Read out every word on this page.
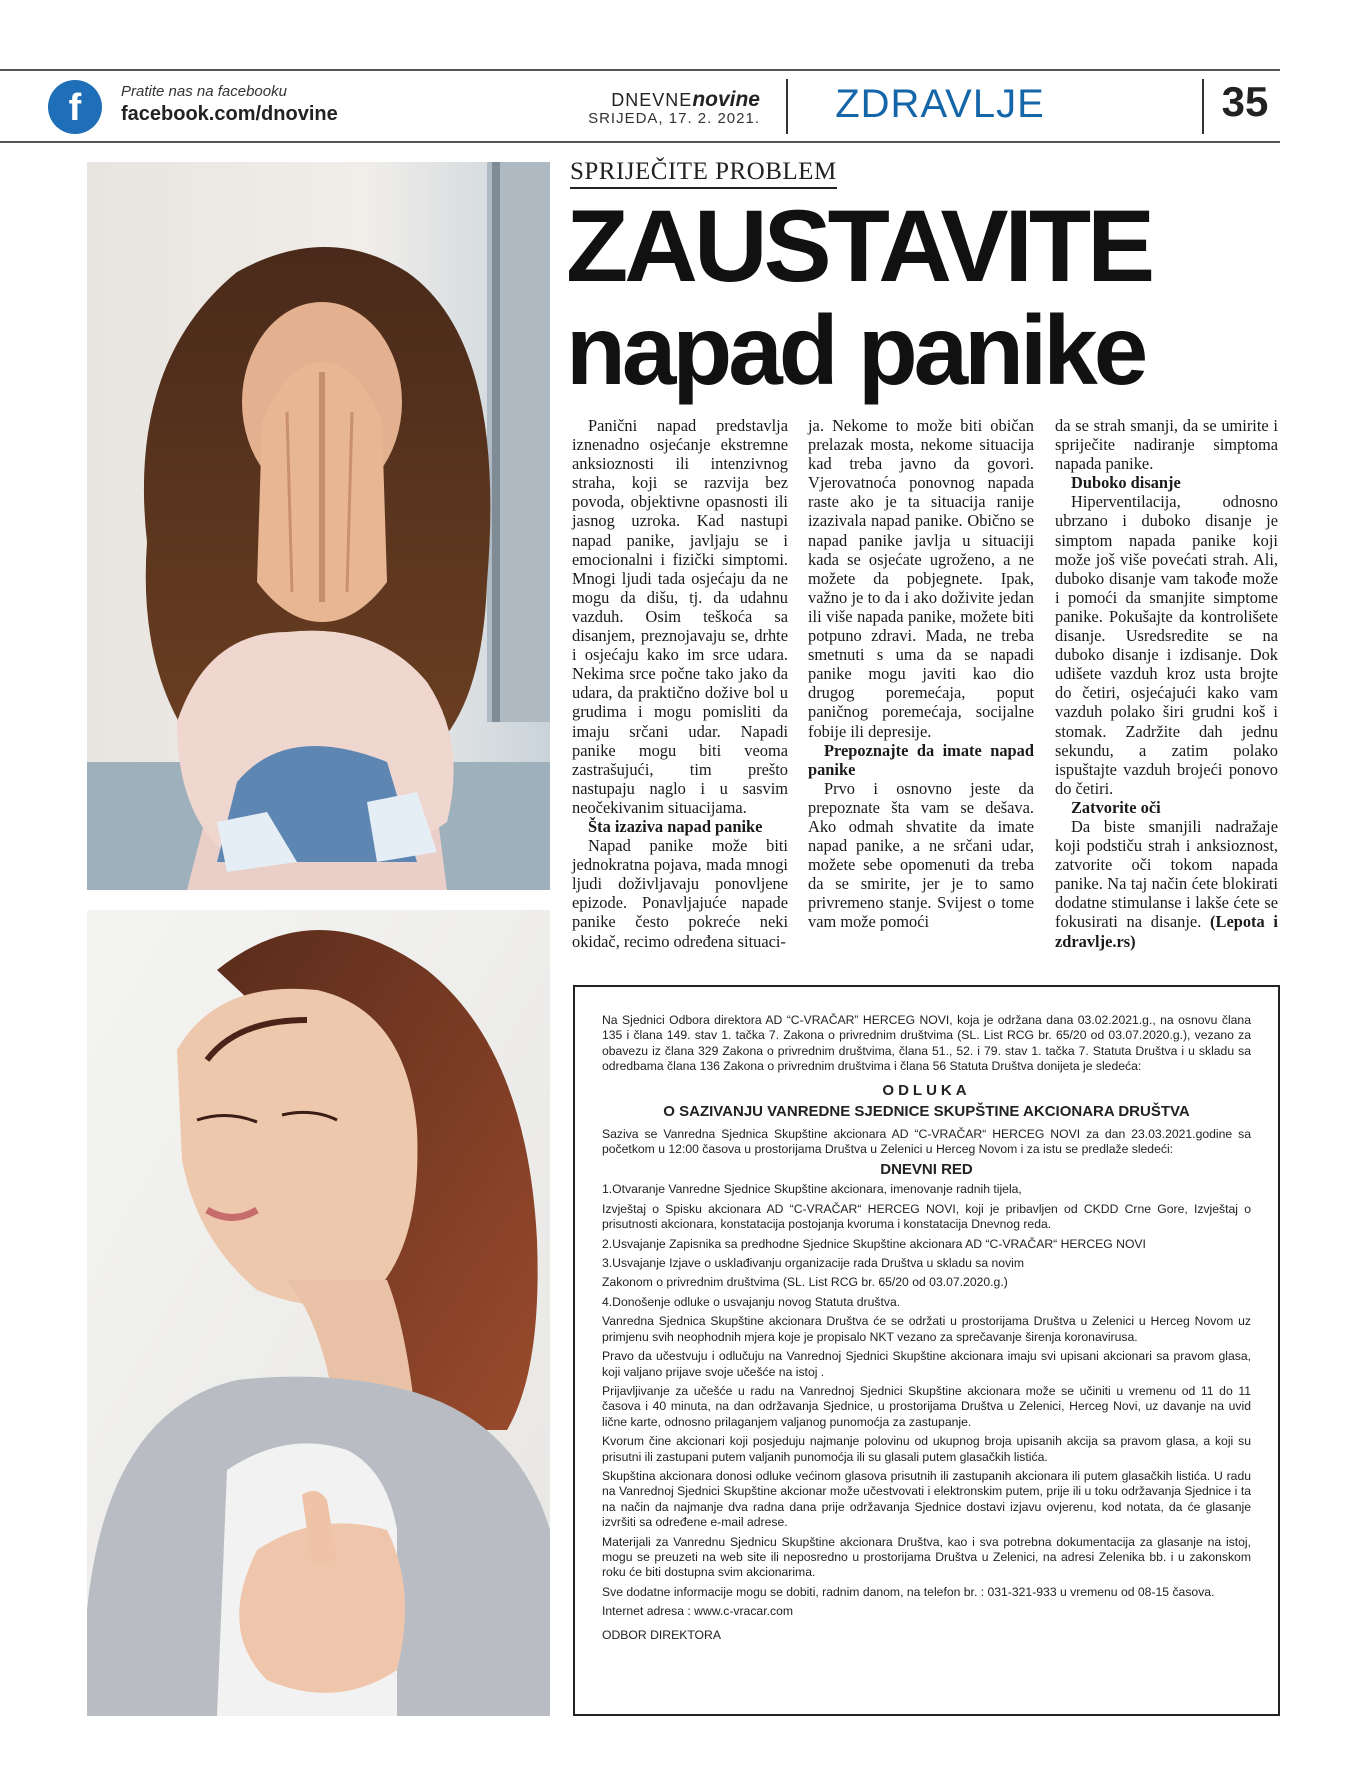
f	Pratite nas na facebooku
facebook.com/dnovine
DNEVNEnovine
SRIJEDA, 17. 2. 2021.	ZDRAVLJE	35
SPRIJEČITE PROBLEM
ZAUSTAVITE
napad panike

Panični napad predstavlja iznenadno osjećanje ekstremne anksioznosti ili intenzivnog straha, koji se razvija bez povoda, objektivne opasnosti ili jasnog uzroka. Kad nastupi napad panike, javljaju se i emocionalni i fizički simptomi. Mnogi ljudi tada osjećaju da ne mogu da dišu, tj. da udahnu vazduh. Osim teškoća sa disanjem, preznojavaju se, drhte i osjećaju kako im srce udara. Nekima srce počne tako jako da udara, da praktično dožive bol u grudima i mogu pomisliti da imaju srčani udar. Napadi panike mogu biti veoma zastrašujući, tim prešto nastupaju naglo i u sasvim neočekivanim situacijama.

Šta izaziva napad panike

Napad panike može biti jednokratna pojava, mada mnogi ljudi doživljavaju ponovljene epizode. Ponavljajuće napade panike često pokreće neki okidač, recimo određena situaci-

ja. Nekome to može biti običan prelazak mosta, nekome situacija kad treba javno da govori. Vjerovatnoća ponovnog napada raste ako je ta situacija ranije izazivala napad panike. Obično se napad panike javlja u situaciji kada se osjećate ugroženo, a ne možete da pobjegnete. Ipak, važno je to da i ako doživite jedan ili više napada panike, možete biti potpuno zdravi. Mada, ne treba smetnuti s uma da se napadi panike mogu javiti kao dio drugog poremećaja, poput paničnog poremećaja, socijalne fobije ili depresije.

Prepoznajte da imate napad panike

Prvo i osnovno jeste da prepoznate šta vam se dešava. Ako odmah shvatite da imate napad panike, a ne srčani udar, možete sebe opomenuti da treba da se smirite, jer je to samo privremeno stanje. Svijest o tome vam može pomoći

da se strah smanji, da se umirite i spriječite nadiranje simptoma napada panike.

Duboko disanje

Hiperventilacija, odnosno ubrzano i duboko disanje je simptom napada panike koji može još više povećati strah. Ali, duboko disanje vam takođe može i pomoći da smanjite simptome panike. Pokušajte da kontrolišete disanje. Usredsredite se na duboko disanje i izdisanje. Dok udišete vazduh kroz usta brojte do četiri, osjećajući kako vam vazduh polako širi grudni koš i stomak. Zadržite dah jednu sekundu, a zatim polako ispuštajte vazduh brojeći ponovo do četiri.

Zatvorite oči

Da biste smanjili nadražaje koji podstiču strah i anksioznost, zatvorite oči tokom napada panike. Na taj način ćete blokirati dodatne stimulanse i lakše ćete se fokusirati na disanje. (Lepota i zdravlje.rs)

Na Sjednici Odbora direktora AD “C-VRAČAR” HERCEG NOVI, koja je održana dana 03.02.2021.g., na osnovu člana 135 i člana 149. stav 1. tačka 7. Zakona o privrednim društvima (SL. List RCG br. 65/20 od 03.07.2020.g.), vezano za obavezu iz člana 329 Zakona o privrednim društvima, člana 51., 52. i 79. stav 1. tačka 7. Statuta Društva i u skladu sa odredbama člana 136 Zakona o privrednim društvima i člana 56 Statuta Društva donijeta je sledeća:

ODLUKA
O SAZIVANJU VANREDNE SJEDNICE SKUPŠTINE AKCIONARA DRUŠTVA

Saziva se Vanredna Sjednica Skupštine akcionara AD “C-VRAČAR“ HERCEG NOVI za dan 23.03.2021.godine sa početkom u 12:00 časova u prostorijama Društva u Zelenici u Herceg Novom i za istu se predlaže sledeći:

DNEVNI RED

1.Otvaranje Vanredne Sjednice Skupštine akcionara, imenovanje radnih tijela,

Izvještaj o Spisku akcionara AD “C-VRAČAR“ HERCEG NOVI, koji je pribavljen od CKDD Crne Gore, Izvještaj o prisutnosti akcionara, konstatacija postojanja kvoruma i konstatacija Dnevnog reda.

2.Usvajanje Zapisnika sa predhodne Sjednice Skupštine akcionara AD “C-VRAČAR“ HERCEG NOVI

3.Usvajanje Izjave o usklađivanju organizacije rada Društva u skladu sa novim

Zakonom o privrednim društvima (SL. List RCG br. 65/20 od 03.07.2020.g.)

4.Donošenje odluke o usvajanju novog Statuta društva.

Vanredna Sjednica Skupštine akcionara Društva će se održati u prostorijama Društva u Zelenici u Herceg Novom uz primjenu svih neophodnih mjera koje je propisalo NKT vezano za sprečavanje širenja koronavirusa.

Pravo da učestvuju i odlučuju na Vanrednoj Sjednici Skupštine akcionara imaju svi upisani akcionari sa pravom glasa, koji valjano prijave svoje učešće na istoj .

Prijavljivanje za učešće u radu na Vanrednoj Sjednici Skupštine akcionara može se učiniti u vremenu od 11 do 11 časova i 40 minuta, na dan održavanja Sjednice, u prostorijama Društva u Zelenici, Herceg Novi, uz davanje na uvid lične karte, odnosno prilaganjem valjanog punomoćja za zastupanje.

Kvorum čine akcionari koji posjeduju najmanje polovinu od ukupnog broja upisanih akcija sa pravom glasa, a koji su prisutni ili zastupani putem valjanih punomoćja ili su glasali putem glasačkih listića.

Skupština akcionara donosi odluke većinom glasova prisutnih ili zastupanih akcionara ili putem glasačkih listića. U radu na Vanrednoj Sjednici Skupštine akcionar može učestvovati i elektronskim putem, prije ili u toku održavanja Sjednice i ta na način da najmanje dva radna dana prije održavanja Sjednice dostavi izjavu ovjerenu, kod notata, da će glasanje izvršiti sa određene e-mail adrese.

Materijali za Vanrednu Sjednicu Skupštine akcionara Društva, kao i sva potrebna dokumentacija za glasanje na istoj, mogu se preuzeti na web site ili neposredno u prostorijama Društva u Zelenici, na adresi Zelenika bb. i u zakonskom roku će biti dostupna svim akcionarima.

Sve dodatne informacije mogu se dobiti, radnim danom, na telefon br. : 031-321-933 u vremenu od 08-15 časova.

Internet adresa : www.c-vracar.com

ODBOR DIREKTORA
